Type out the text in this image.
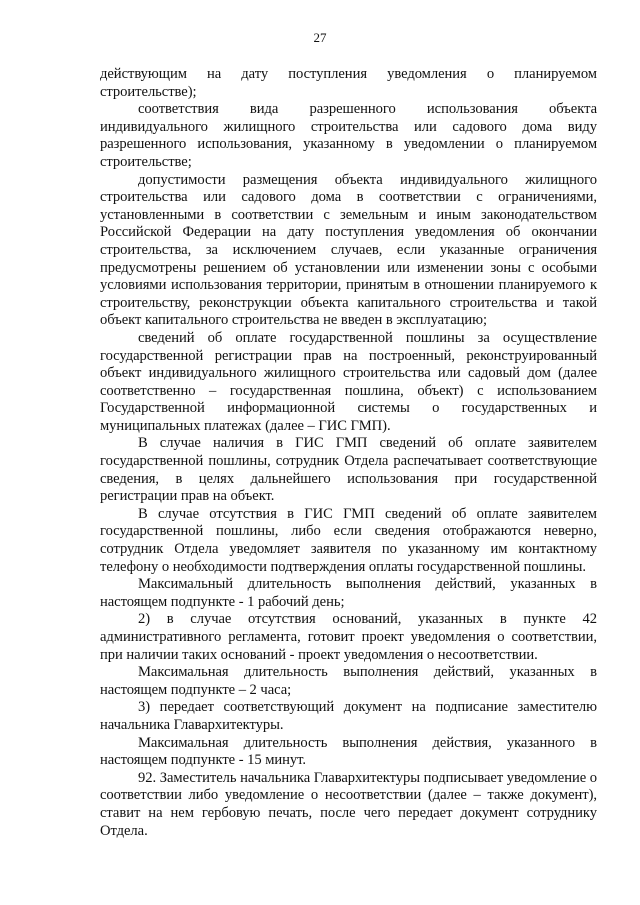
27

действующим на дату поступления уведомления о планируемом строительстве);

соответствия вида разрешенного использования объекта индивидуального жилищного строительства или садового дома виду разрешенного использования, указанному в уведомлении о планируемом строительстве;

допустимости размещения объекта индивидуального жилищного строительства или садового дома в соответствии с ограничениями, установленными в соответствии с земельным и иным законодательством Российской Федерации на дату поступления уведомления об окончании строительства, за исключением случаев, если указанные ограничения предусмотрены решением об установлении или изменении зоны с особыми условиями использования территории, принятым в отношении планируемого к строительству, реконструкции объекта капитального строительства и такой объект капитального строительства не введен в эксплуатацию;

сведений об оплате государственной пошлины за осуществление государственной регистрации прав на построенный, реконструированный объект индивидуального жилищного строительства или садовый дом (далее соответственно – государственная пошлина, объект) с использованием Государственной информационной системы о государственных и муниципальных платежах (далее – ГИС ГМП).

В случае наличия в ГИС ГМП сведений об оплате заявителем государственной пошлины, сотрудник Отдела распечатывает соответствующие сведения, в целях дальнейшего использования при государственной регистрации прав на объект.

В случае отсутствия в ГИС ГМП сведений об оплате заявителем государственной пошлины, либо если сведения отображаются неверно, сотрудник Отдела уведомляет заявителя по указанному им контактному телефону о необходимости подтверждения оплаты государственной пошлины.

Максимальный длительность выполнения действий, указанных в настоящем подпункте - 1 рабочий день;

2) в случае отсутствия оснований, указанных в пункте 42 административного регламента, готовит проект уведомления о соответствии, при наличии таких оснований - проект уведомления о несоответствии.

Максимальная длительность выполнения действий, указанных в настоящем подпункте – 2 часа;

3) передает соответствующий документ на подписание заместителю начальника Главархитектуры.

Максимальная длительность выполнения действия, указанного в настоящем подпункте - 15 минут.

92. Заместитель начальника Главархитектуры подписывает уведомление о соответствии либо уведомление о несоответствии (далее – также документ), ставит на нем гербовую печать, после чего передает документ сотруднику Отдела.
